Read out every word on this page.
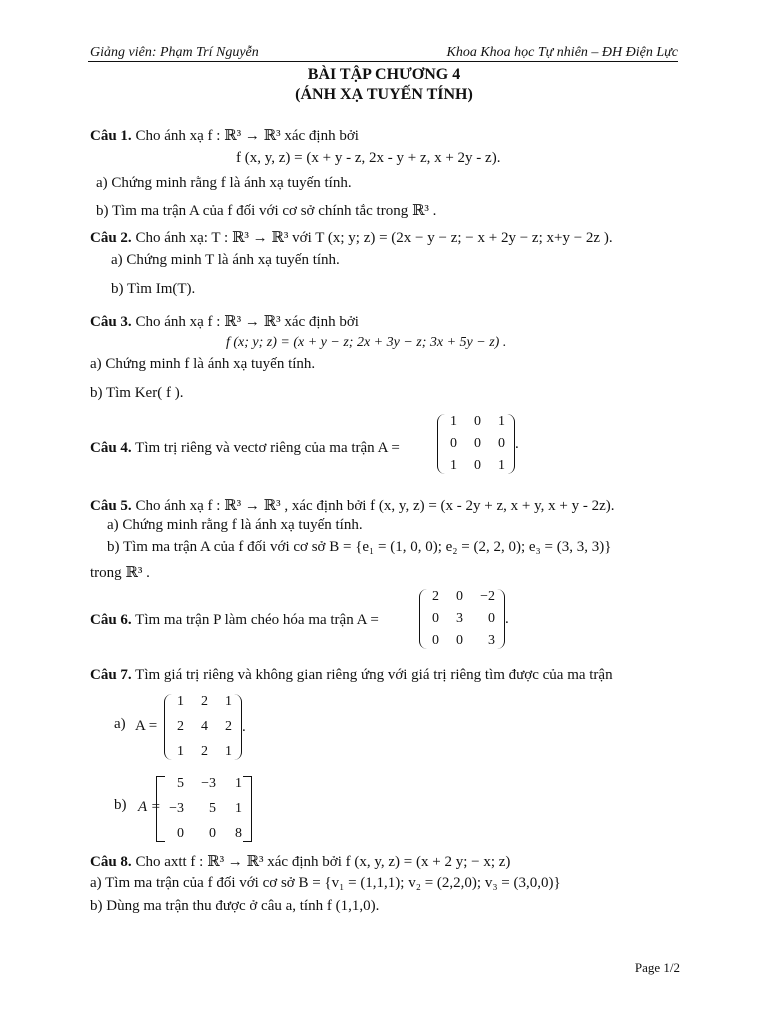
Giảng viên: Phạm Trí Nguyễn	Khoa Khoa học Tự nhiên – ĐH Điện Lực
BÀI TẬP CHƯƠNG 4
(ÁNH XẠ TUYẾN TÍNH)
Câu 1. Cho ánh xạ f : ℝ³ → ℝ³ xác định bởi
f (x, y, z) = (x + y - z, 2x - y + z, x + 2y - z).
a) Chứng minh rằng f là ánh xạ tuyến tính.
b) Tìm ma trận A của f đối với cơ sở chính tắc trong ℝ³ .
Câu 2. Cho ánh xạ: T : ℝ³ → ℝ³ với T (x; y; z) = (2x − y − z; − x + 2y − z; x+y − 2z ).
a) Chứng minh T là ánh xạ tuyến tính.
b) Tìm Im(T).
Câu 3. Cho ánh xạ f : ℝ³ → ℝ³ xác định bởi
f (x; y; z) = (x + y − z; 2x + 3y − z; 3x + 5y − z) .
a) Chứng minh f là ánh xạ tuyến tính.
b) Tìm Ker( f ).
Câu 4. Tìm trị riêng và vectơ riêng của ma trận A =
1 0 1
0 0 0
1 0 1
.
Câu 5. Cho ánh xạ f : ℝ³ → ℝ³ , xác định bởi f (x, y, z) = (x - 2y + z, x + y, x + y - 2z).
a) Chứng minh rằng f là ánh xạ tuyến tính.
b) Tìm ma trận A của f đối với cơ sở B = {e₁ = (1, 0, 0); e₂ = (2, 2, 0); e₃ = (3, 3, 3)}
trong ℝ³ .
Câu 6. Tìm ma trận P làm chéo hóa ma trận A =
2 0 −2
0 3	0
0 0	3
.
Câu 7. Tìm giá trị riêng và không gian riêng ứng với giá trị riêng tìm được của ma trận
a) A =
1 2 1
2 4 2
1 2 1
.
b) A =
5 −3	1
−3	5	1
0	0	8
Câu 8. Cho axtt f : ℝ³ → ℝ³ xác định bởi f (x, y, z) = (x + 2 y; − x; z)
a) Tìm ma trận của f đối với cơ sở B = {v₁ = (1,1,1); v₂ = (2,2,0); v₃ = (3,0,0)}
b) Dùng ma trận thu được ở câu a, tính f (1,1,0).
Page 1/2
